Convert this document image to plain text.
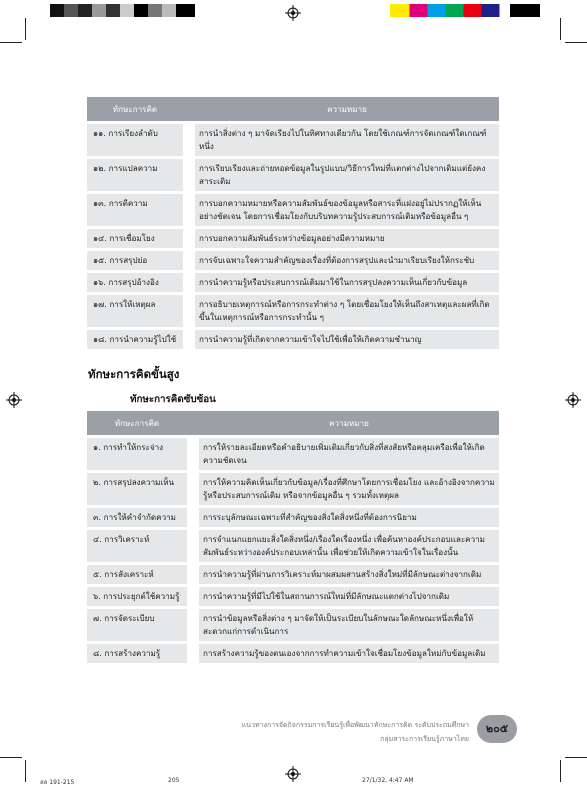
ทักษะการคิด		ความหมาย
๑๑. การเรียงลำดับ		การนำสิ่งต่าง ๆ มาจัดเรียงไปในทิศทางเดียวกัน โดยใช้เกณฑ์การจัดเกณฑ์ใดเกณฑ์หนึ่ง
๑๒. การแปลความ		การเรียบเรียงและถ่ายทอดข้อมูลในรูปแบบ/วิธีการใหม่ที่แตกต่างไปจากเดิมแต่ยังคงสาระเดิม
๑๓. การตีความ		การบอกความหมายหรือความสัมพันธ์ของข้อมูลหรือสาระที่แฝงอยู่ไม่ปรากฏให้เห็นอย่างชัดเจน โดยการเชื่อมโยงกับบริบทความรู้ประสบการณ์เดิมหรือข้อมูลอื่น ๆ
๑๔. การเชื่อมโยง		การบอกความสัมพันธ์ระหว่างข้อมูลอย่างมีความหมาย
๑๕. การสรุปย่อ		การจับเฉพาะใจความสำคัญของเรื่องที่ต้องการสรุปและนำมาเรียบเรียงให้กระชับ
๑๖. การสรุปอ้างอิง		การนำความรู้หรือประสบการณ์เดิมมาใช้ในการสรุปลงความเห็นเกี่ยวกับข้อมูล
๑๗. การให้เหตุผล		การอธิบายเหตุการณ์หรือการกระทำต่าง ๆ โดยเชื่อมโยงให้เห็นถึงสาเหตุและผลที่เกิดขึ้นในเหตุการณ์หรือการกระทำนั้น ๆ
๑๘. การนำความรู้ไปใช้		การนำความรู้ที่เกิดจากความเข้าใจไปใช้เพื่อให้เกิดความชำนาญ
ทักษะการคิดขั้นสูง
ทักษะการคิดซับซ้อน
ทักษะการคิด		ความหมาย
๑. การทำให้กระจ่าง		การให้รายละเอียดหรือคำอธิบายเพิ่มเติมเกี่ยวกับสิ่งที่สงสัยหรือคลุมเครือเพื่อให้เกิดความชัดเจน
๒. การสรุปลงความเห็น		การให้ความคิดเห็นเกี่ยวกับข้อมูล/เรื่องที่ศึกษาโดยการเชื่อมโยง และอ้างอิงจากความรู้หรือประสบการณ์เดิม หรือจากข้อมูลอื่น ๆ รวมทั้งเหตุผล
๓. การให้คำจำกัดความ		การระบุลักษณะเฉพาะที่สำคัญของสิ่งใดสิ่งหนึ่งที่ต้องการนิยาม
๔. การวิเคราะห์		การจำแนกแยกแยะสิ่งใดสิ่งหนึ่ง/เรื่องใดเรื่องหนึ่ง เพื่อค้นหาองค์ประกอบและความสัมพันธ์ระหว่างองค์ประกอบเหล่านั้น เพื่อช่วยให้เกิดความเข้าใจในเรื่องนั้น
๕. การสังเคราะห์		การนำความรู้ที่ผ่านการวิเคราะห์มาผสมผสานสร้างสิ่งใหม่ที่มีลักษณะต่างจากเดิม
๖. การประยุกต์ใช้ความรู้		การนำความรู้ที่มีไปใช้ในสถานการณ์ใหม่ที่มีลักษณะแตกต่างไปจากเดิม
๗. การจัดระเบียบ		การนำข้อมูลหรือสิ่งต่าง ๆ มาจัดให้เป็นระเบียบในลักษณะใดลักษณะหนึ่งเพื่อให้สะดวกแก่การดำเนินการ
๘. การสร้างความรู้		การสร้างความรู้ของตนเองจากการทำความเข้าใจเชื่อมโยงข้อมูลใหม่กับข้อมูลเดิม
แนวทางการจัดกิจกรรมการเรียนรู้เพื่อพัฒนาทักษะการคิด ระดับประถมศึกษา
กลุ่มสาระการเรียนรู้ภาษาไทย
๒๐๕
ลล 191-215	205	27/1/32, 4:47 AM
